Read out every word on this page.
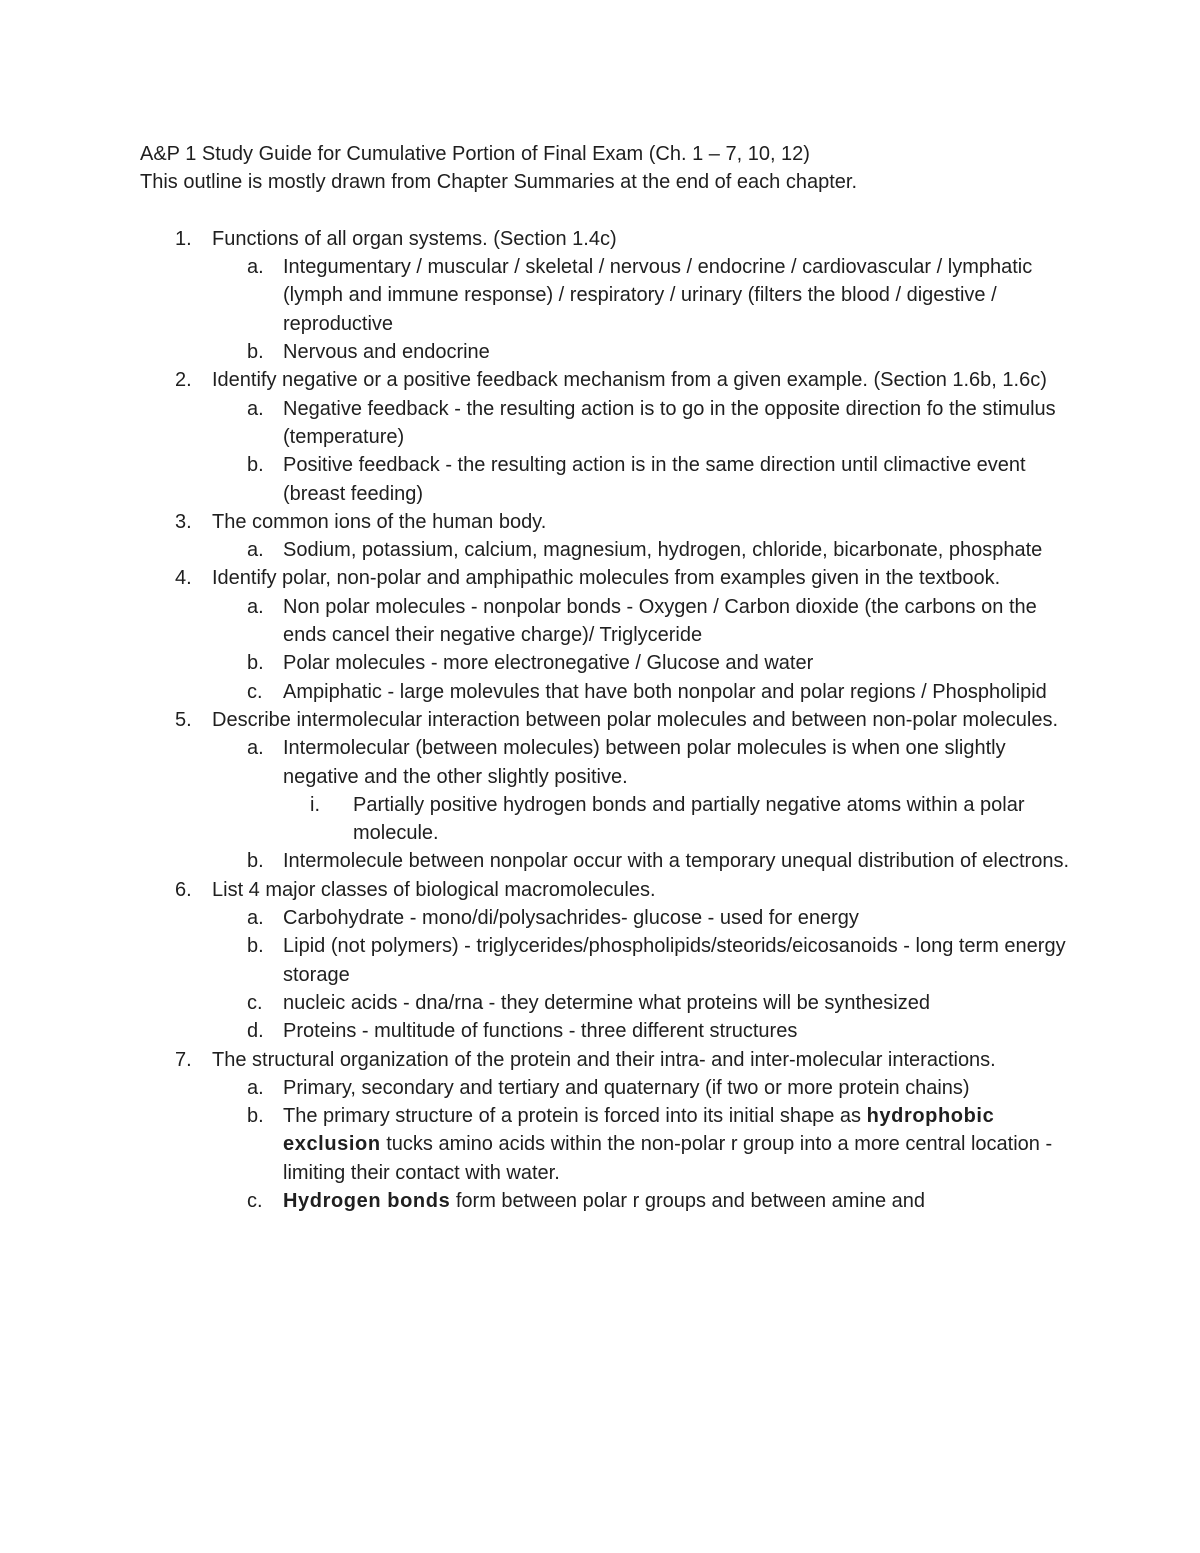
A&P 1 Study Guide for Cumulative Portion of Final Exam (Ch. 1 – 7, 10, 12)
This outline is mostly drawn from Chapter Summaries at the end of each chapter.
1. Functions of all organ systems. (Section 1.4c)
a. Integumentary / muscular / skeletal / nervous / endocrine / cardiovascular / lymphatic (lymph and immune response) / respiratory / urinary (filters the blood / digestive / reproductive
b. Nervous and endocrine
2. Identify negative or a positive feedback mechanism from a given example. (Section 1.6b, 1.6c)
a. Negative feedback - the resulting action is to go in the opposite direction fo the stimulus (temperature)
b. Positive feedback - the resulting action is in the same direction until climactive event (breast feeding)
3. The common ions of the human body.
a. Sodium, potassium, calcium, magnesium, hydrogen, chloride, bicarbonate, phosphate
4. Identify polar, non-polar and amphipathic molecules from examples given in the textbook.
a. Non polar molecules - nonpolar bonds - Oxygen / Carbon dioxide (the carbons on the ends cancel their negative charge)/ Triglyceride
b. Polar molecules - more electronegative / Glucose and water
c. Ampiphatic - large molevules that have both nonpolar and polar regions / Phospholipid
5. Describe intermolecular interaction between polar molecules and between non-polar molecules.
a. Intermolecular (between molecules) between polar molecules is when one slightly negative and the other slightly positive.
i. Partially positive hydrogen bonds and partially negative atoms within a polar molecule.
b. Intermolecule between nonpolar occur with a temporary unequal distribution of electrons.
6. List 4 major classes of biological macromolecules.
a. Carbohydrate - mono/di/polysachrides- glucose - used for energy
b. Lipid (not polymers) - triglycerides/phospholipids/steorids/eicosanoids - long term energy storage
c. nucleic acids - dna/rna - they determine what proteins will be synthesized
d. Proteins - multitude of functions - three different structures
7. The structural organization of the protein and their intra- and inter-molecular interactions.
a. Primary, secondary and tertiary and quaternary (if two or more protein chains)
b. The primary structure of a protein is forced into its initial shape as hydrophobic exclusion tucks amino acids within the non-polar r group into a more central location - limiting their contact with water.
c. Hydrogen bonds form between polar r groups and between amine and
